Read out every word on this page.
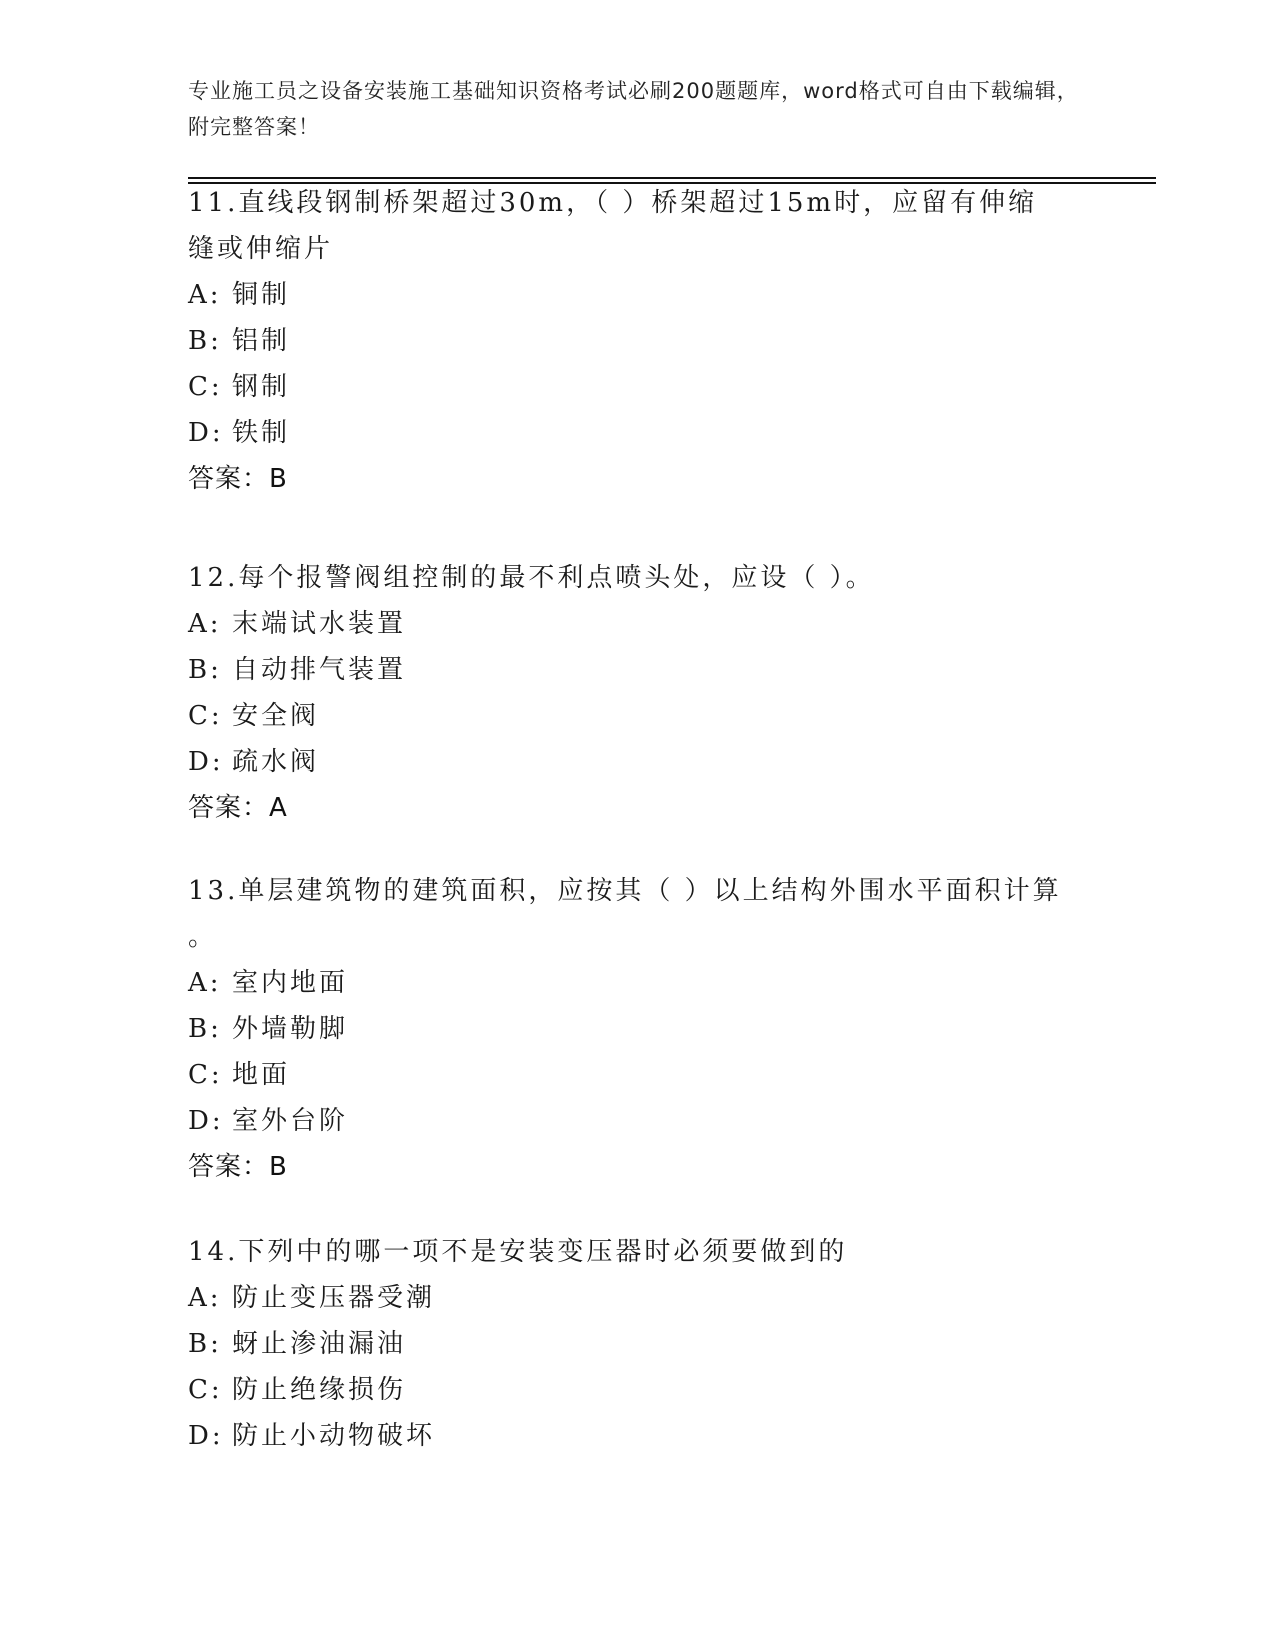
专业施工员之设备安装施工基础知识资格考试必刷200题题库，word格式可自由下载编辑，附完整答案！
11.直线段钢制桥架超过30m，（ ）桥架超过15m时，应留有伸缩缝或伸缩片
A: 铜制
B: 铝制
C: 钢制
D: 铁制
答案：B
12.每个报警阀组控制的最不利点喷头处，应设（ ）。
A: 末端试水装置
B: 自动排气装置
C: 安全阀
D: 疏水阀
答案：A
13.单层建筑物的建筑面积，应按其（ ）以上结构外围水平面积计算
。
A: 室内地面
B: 外墙勒脚
C: 地面
D: 室外台阶
答案：B
14.下列中的哪一项不是安装变压器时必须要做到的
A: 防止变压器受潮
B: 蚜止渗油漏油
C: 防止绝缘损伤
D: 防止小动物破坏
